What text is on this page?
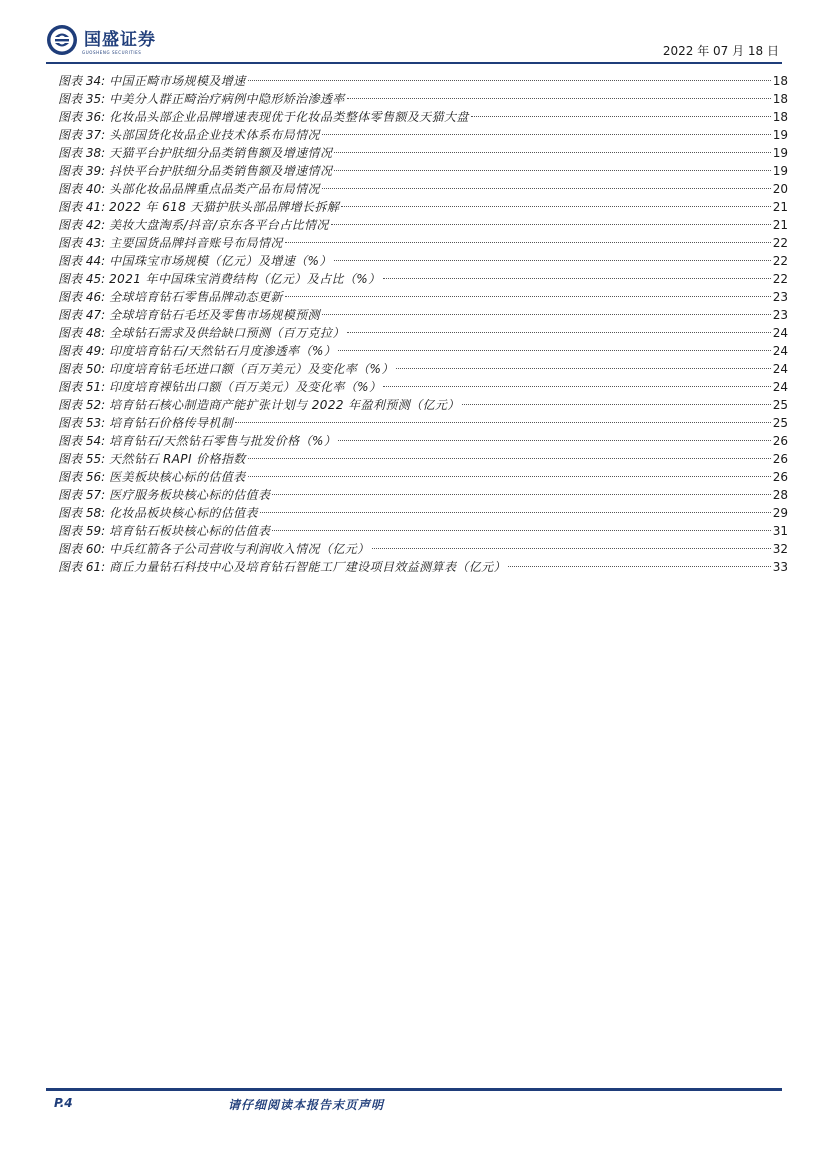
国盛证券
GUOSHENG SECURITIES	2022 年 07 月 18 日
图表 34: 中国正畸市场规模及增速	18
图表 35: 中美分人群正畸治疗病例中隐形矫治渗透率	18
图表 36: 化妆品头部企业品牌增速表现优于化妆品类整体零售额及天猫大盘	18
图表 37: 头部国货化妆品企业技术体系布局情况	19
图表 38: 天猫平台护肤细分品类销售额及增速情况	19
图表 39: 抖快平台护肤细分品类销售额及增速情况	19
图表 40: 头部化妆品品牌重点品类产品布局情况	20
图表 41: 2022 年 618 天猫护肤头部品牌增长拆解	21
图表 42: 美妆大盘淘系/抖音/京东各平台占比情况	21
图表 43: 主要国货品牌抖音账号布局情况	22
图表 44: 中国珠宝市场规模（亿元）及增速（%）	22
图表 45: 2021 年中国珠宝消费结构（亿元）及占比（%）	22
图表 46: 全球培育钻石零售品牌动态更新	23
图表 47: 全球培育钻石毛坯及零售市场规模预测	23
图表 48: 全球钻石需求及供给缺口预测（百万克拉）	24
图表 49: 印度培育钻石/天然钻石月度渗透率（%）	24
图表 50: 印度培育钻毛坯进口额（百万美元）及变化率（%）	24
图表 51: 印度培育裸钻出口额（百万美元）及变化率（%）	24
图表 52: 培育钻石核心制造商产能扩张计划与 2022 年盈利预测（亿元）	25
图表 53: 培育钻石价格传导机制	25
图表 54: 培育钻石/天然钻石零售与批发价格（%）	26
图表 55: 天然钻石 RAPI 价格指数	26
图表 56: 医美板块核心标的估值表	26
图表 57: 医疗服务板块核心标的估值表	28
图表 58: 化妆品板块核心标的估值表	29
图表 59: 培育钻石板块核心标的估值表	31
图表 60: 中兵红箭各子公司营收与利润收入情况（亿元）	32
图表 61: 商丘力量钻石科技中心及培育钻石智能工厂建设项目效益测算表（亿元）	33
P.4	请仔细阅读本报告末页声明
